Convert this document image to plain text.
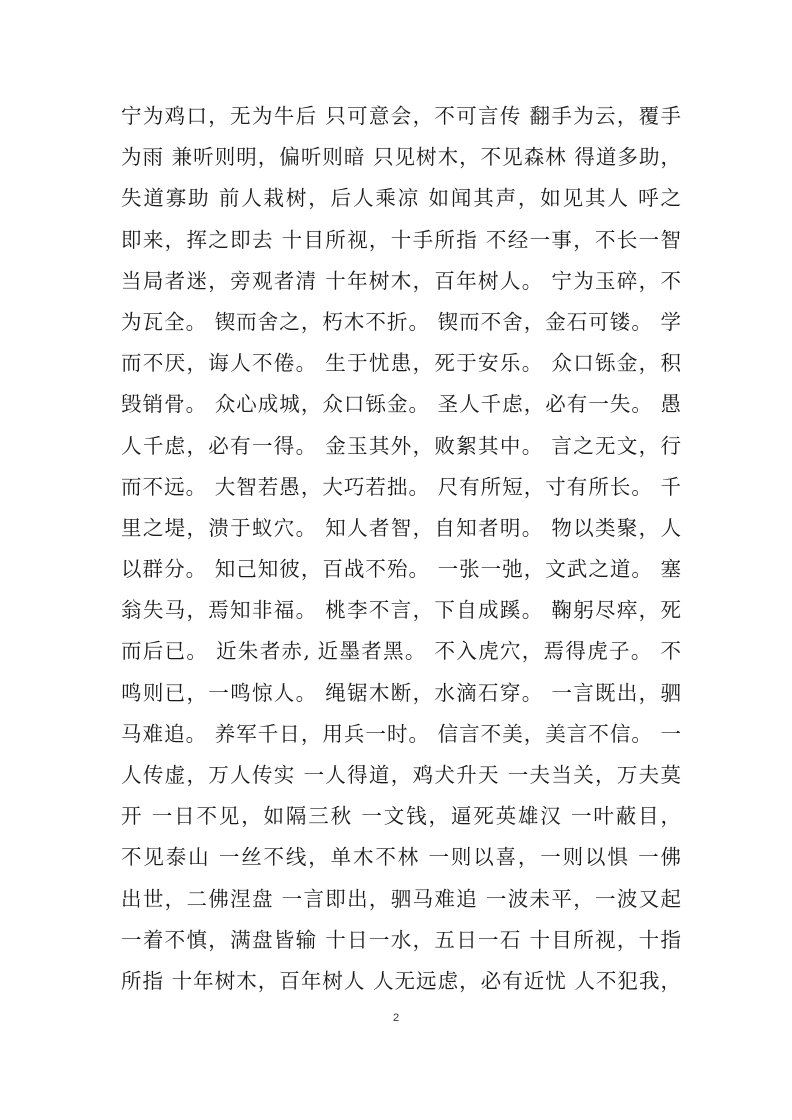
宁为鸡口，无为牛后 只可意会，不可言传 翻手为云，覆手
为雨 兼听则明，偏听则暗 只见树木，不见森林 得道多助，
失道寡助 前人栽树，后人乘凉 如闻其声，如见其人 呼之
即来，挥之即去 十目所视，十手所指 不经一事，不长一智
当局者迷，旁观者清 十年树木，百年树人。 宁为玉碎，不
为瓦全。 锲而舍之，朽木不折。 锲而不舍，金石可镂。 学
而不厌，诲人不倦。 生于忧患，死于安乐。 众口铄金，积
毁销骨。 众心成城，众口铄金。 圣人千虑，必有一失。 愚
人千虑，必有一得。 金玉其外，败絮其中。 言之无文，行
而不远。 大智若愚，大巧若拙。 尺有所短，寸有所长。 千
里之堤，溃于蚁穴。 知人者智，自知者明。 物以类聚，人
以群分。 知己知彼，百战不殆。 一张一弛，文武之道。 塞
翁失马，焉知非福。 桃李不言，下自成蹊。 鞠躬尽瘁，死
而后已。 近朱者赤, 近墨者黑。 不入虎穴，焉得虎子。 不
鸣则已，一鸣惊人。 绳锯木断，水滴石穿。 一言既出，驷
马难追。 养军千日，用兵一时。 信言不美，美言不信。 一
人传虚，万人传实 一人得道，鸡犬升天 一夫当关，万夫莫
开 一日不见，如隔三秋 一文钱，逼死英雄汉 一叶蔽目，
不见泰山 一丝不线，单木不林 一则以喜，一则以惧 一佛
出世，二佛涅盘 一言即出，驷马难追 一波未平，一波又起
一着不慎，满盘皆输 十日一水，五日一石 十目所视，十指
所指 十年树木，百年树人 人无远虑，必有近忧 人不犯我，
2
